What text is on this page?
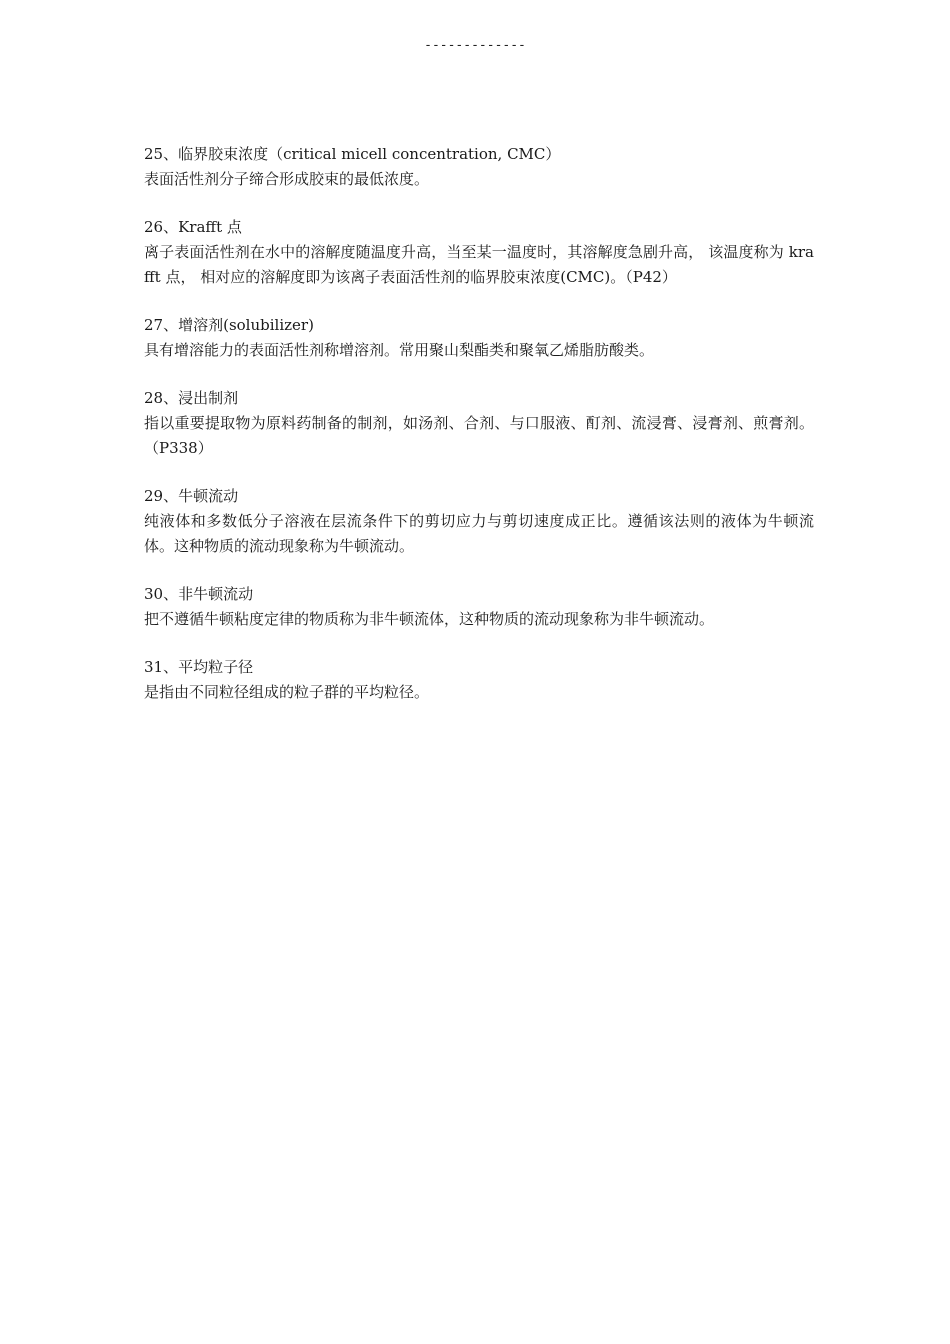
-------------

25、临界胶束浓度（critical micell concentration, CMC）

表面活性剂分子缔合形成胶束的最低浓度。

26、Krafft 点

离子表面活性剂在水中的溶解度随温度升高，当至某一温度时，其溶解度急剧升高， 该温度称为 krafft 点， 相对应的溶解度即为该离子表面活性剂的临界胶束浓度(CMC)。（P42）

27、增溶剂(solubilizer)

具有增溶能力的表面活性剂称增溶剂。常用聚山梨酯类和聚氧乙烯脂肪酸类。

28、浸出制剂

指以重要提取物为原料药制备的制剂，如汤剂、合剂、与口服液、酊剂、流浸膏、浸膏剂、煎膏剂。（P338）

29、牛顿流动

纯液体和多数低分子溶液在层流条件下的剪切应力与剪切速度成正比。遵循该法则的液体为牛顿流体。这种物质的流动现象称为牛顿流动。

30、非牛顿流动

把不遵循牛顿粘度定律的物质称为非牛顿流体，这种物质的流动现象称为非牛顿流动。

31、平均粒子径

是指由不同粒径组成的粒子群的平均粒径。
